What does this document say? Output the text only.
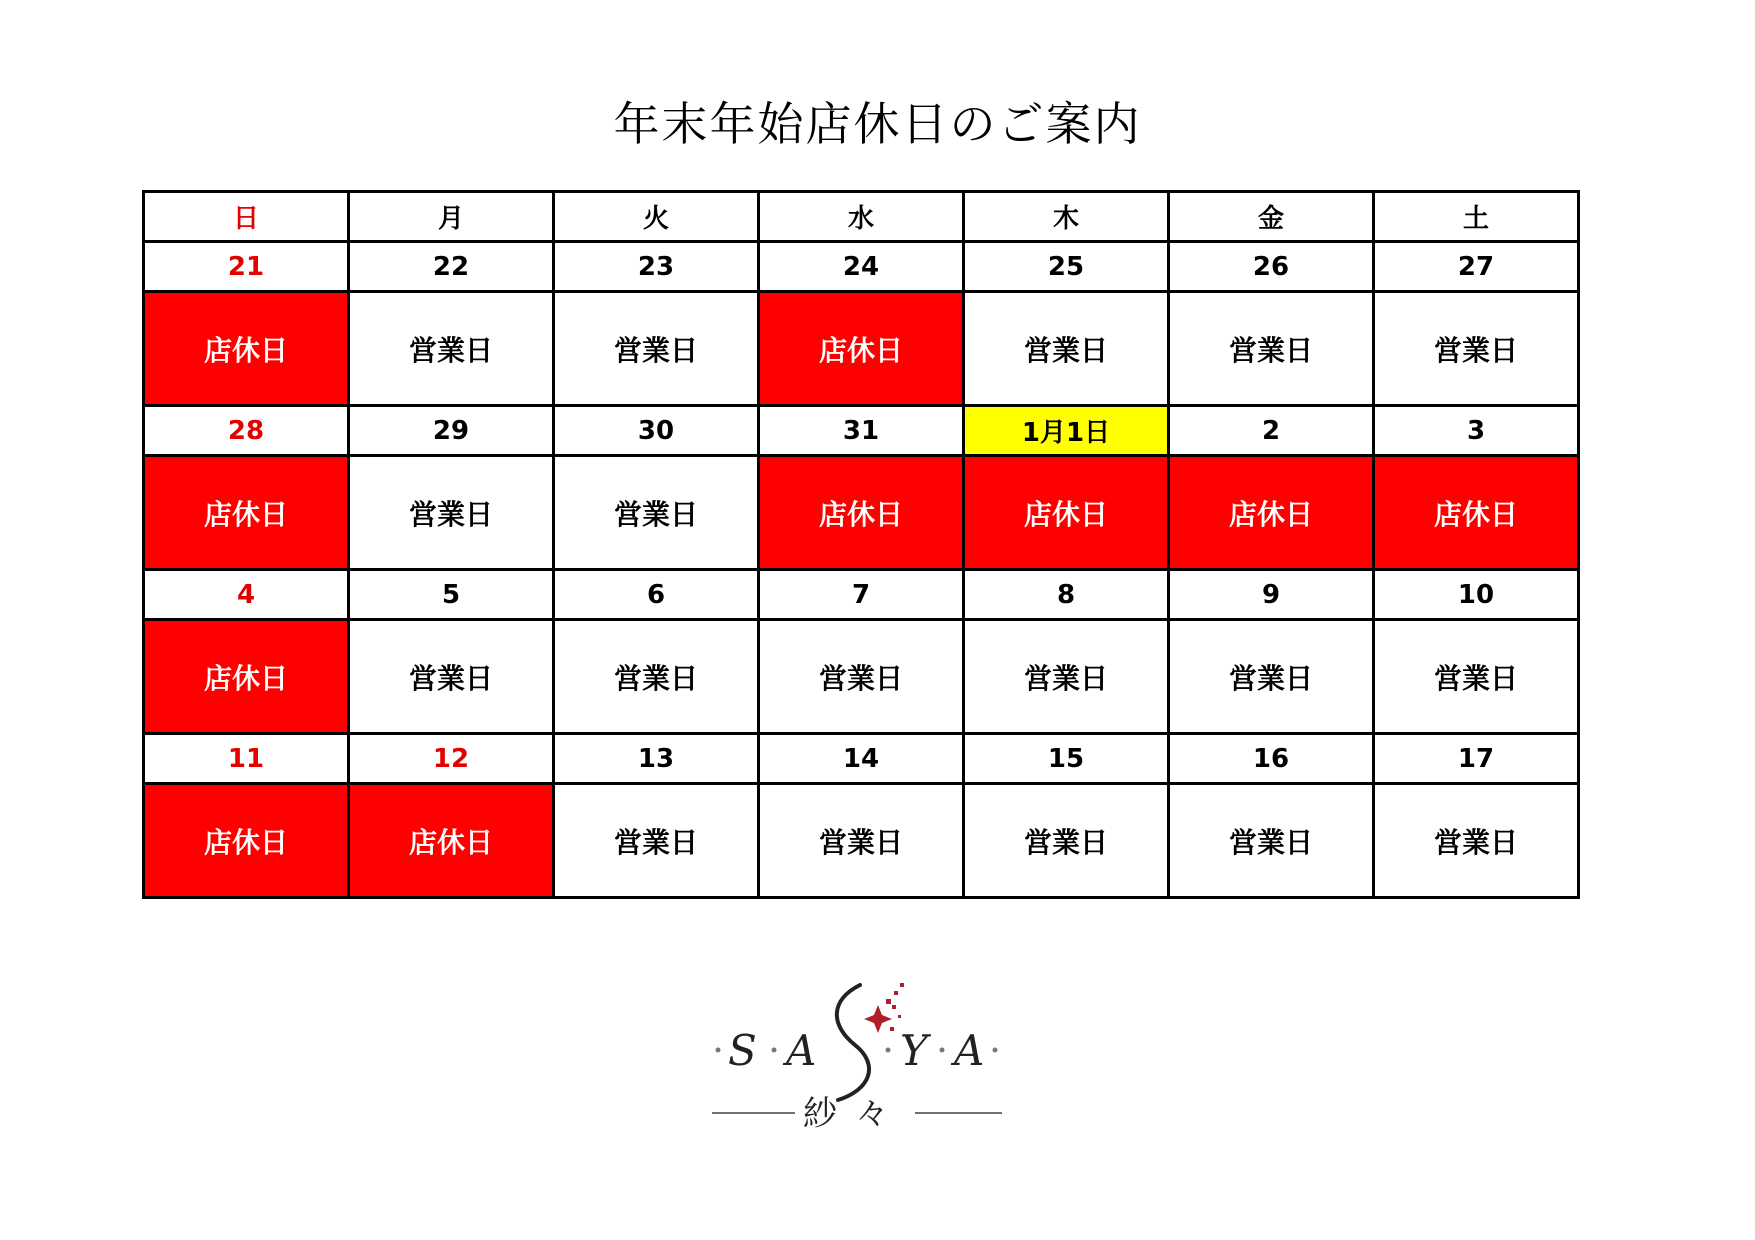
年末年始店休日のご案内
日	月	火	水	木	金	土
21	22	23	24	25	26	27
店休日	営業日	営業日	店休日	営業日	営業日	営業日
28	29	30	31	1月1日	2	3
店休日	営業日	営業日	店休日	店休日	店休日	店休日
4	5	6	7	8	9	10
店休日	営業日	営業日	営業日	営業日	営業日	営業日
11	12	13	14	15	16	17
店休日	店休日	営業日	営業日	営業日	営業日	営業日
S A Y A
紗々
